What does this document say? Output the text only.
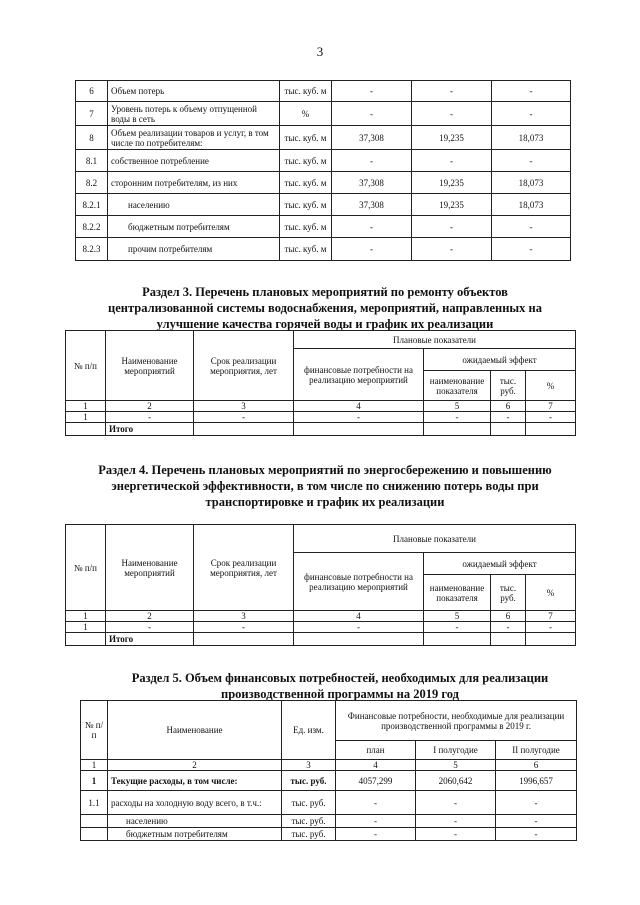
3
6	Объем потерь	тыс. куб. м	-	-	-
7	Уровень потерь к объему отпущенной воды в сеть	%	-	-	-
8	Объем реализации товаров и услуг, в том числе по потребителям:	тыс. куб. м	37,308	19,235	18,073
8.1	собственное потребление	тыс. куб. м	-	-	-
8.2	сторонним потребителям, из них	тыс. куб. м	37,308	19,235	18,073
8.2.1	населению	тыс. куб. м	37,308	19,235	18,073
8.2.2	бюджетным потребителям	тыс. куб. м	-	-	-
8.2.3	прочим потребителям	тыс. куб. м	-	-	-
Раздел 3. Перечень плановых мероприятий по ремонту объектов централизованной системы водоснабжения, мероприятий, направленных на улучшение качества горячей воды и график их реализации
№ п/п	Наименование мероприятий	Срок реализации мероприятия, лет	Плановые показатели			
			финансовые потребности на реализацию мероприятий	ожидаемый эффект		
				наименование показателя	тыс. руб.	%
1	2	3	4	5	6	7
1	-	-	-	-	-	-
	Итого					
Раздел 4. Перечень плановых мероприятий по энергосбережению и повышению энергетической эффективности, в том числе по снижению потерь воды при транспортировке и график их реализации
№ п/п	Наименование мероприятий	Срок реализации мероприятия, лет	Плановые показатели			
			финансовые потребности на реализацию мероприятий	ожидаемый эффект		
				наименование показателя	тыс. руб.	%
1	2	3	4	5	6	7
1	-	-	-	-	-	-
	Итого					
Раздел 5. Объем финансовых потребностей, необходимых для реализации производственной программы на 2019 год
№ п/п	Наименование	Ед. изм.	Финансовые потребности, необходимые для реализации производственной программы в 2019 г.		
			план	I полугодие	II полугодие
1	2	3	4	5	6
1	Текущие расходы, в том числе:	тыс. руб.	4057,299	2060,642	1996,657
1.1	расходы на холодную воду всего, в т.ч.:	тыс. руб.	-	-	-
	населению	тыс. руб.	-	-	-
	бюджетным потребителям	тыс. руб.	-	-	-
